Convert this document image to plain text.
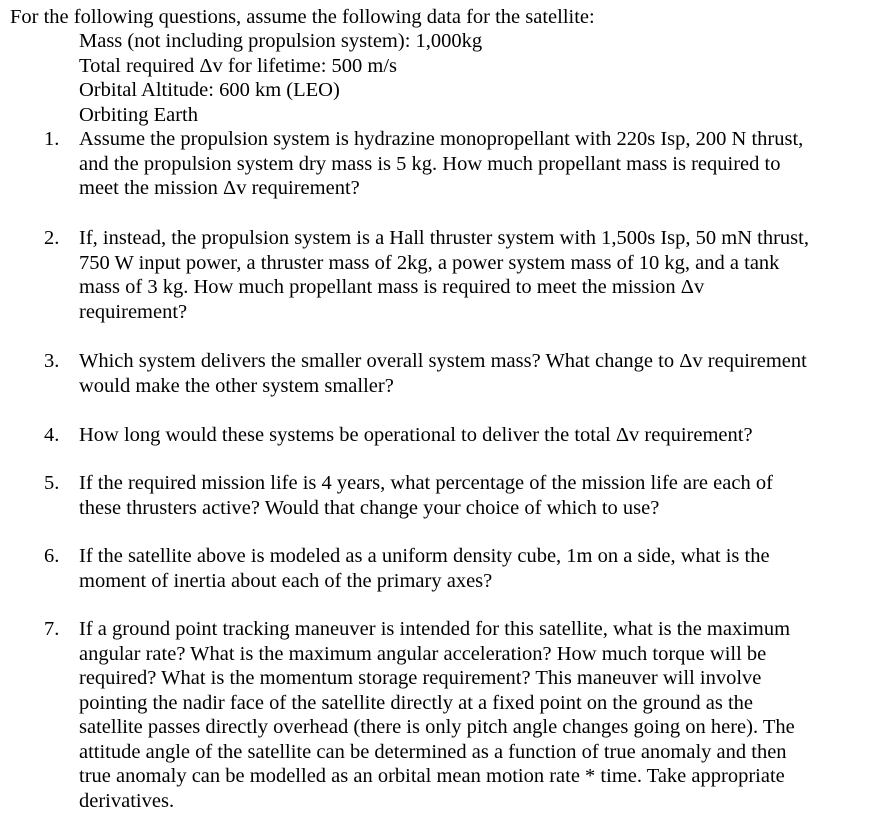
For the following questions, assume the following data for the satellite:
Mass (not including propulsion system): 1,000kg
Total required Δv for lifetime: 500 m/s
Orbital Altitude: 600 km (LEO)
Orbiting Earth
1. Assume the propulsion system is hydrazine monopropellant with 220s Isp, 200 N thrust,
and the propulsion system dry mass is 5 kg. How much propellant mass is required to
meet the mission Δv requirement?
2. If, instead, the propulsion system is a Hall thruster system with 1,500s Isp, 50 mN thrust,
750 W input power, a thruster mass of 2kg, a power system mass of 10 kg, and a tank
mass of 3 kg. How much propellant mass is required to meet the mission Δv
requirement?
3. Which system delivers the smaller overall system mass? What change to Δv requirement
would make the other system smaller?
4. How long would these systems be operational to deliver the total Δv requirement?
5. If the required mission life is 4 years, what percentage of the mission life are each of
these thrusters active? Would that change your choice of which to use?
6. If the satellite above is modeled as a uniform density cube, 1m on a side, what is the
moment of inertia about each of the primary axes?
7. If a ground point tracking maneuver is intended for this satellite, what is the maximum
angular rate? What is the maximum angular acceleration? How much torque will be
required? What is the momentum storage requirement? This maneuver will involve
pointing the nadir face of the satellite directly at a fixed point on the ground as the
satellite passes directly overhead (there is only pitch angle changes going on here). The
attitude angle of the satellite can be determined as a function of true anomaly and then
true anomaly can be modelled as an orbital mean motion rate * time. Take appropriate
derivatives.
